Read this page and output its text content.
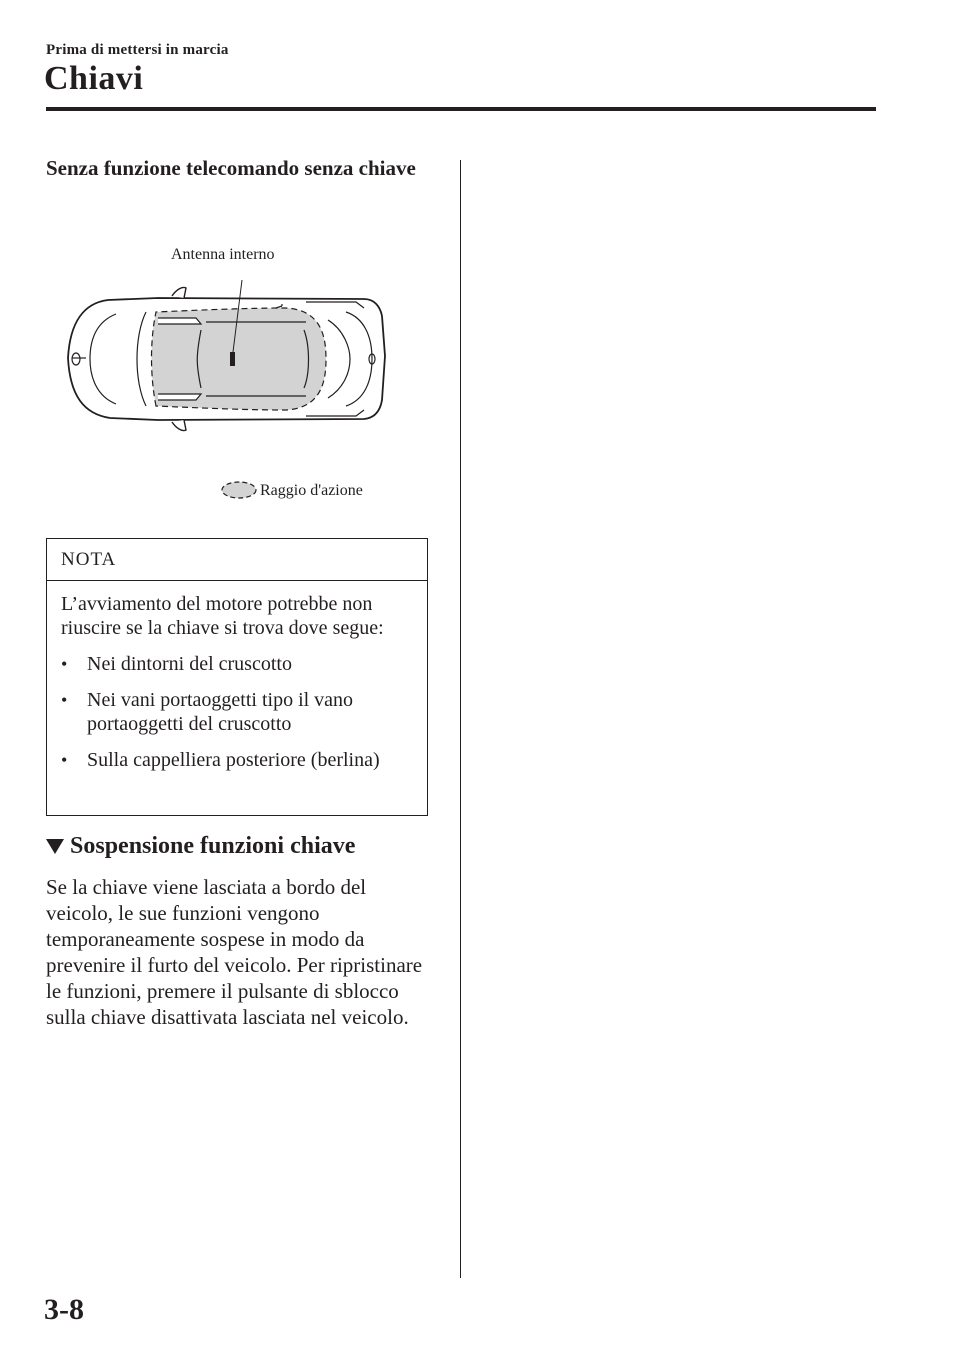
Prima di mettersi in marcia
Chiavi
Senza funzione telecomando senza chiave
Antenna interno
Raggio d'azione
NOTA

L’avviamento del motore potrebbe non riuscire se la chiave si trova dove segue:

• Nei dintorni del cruscotto
• Nei vani portaoggetti tipo il vano portaoggetti del cruscotto
• Sulla cappelliera posteriore (berlina)
Sospensione funzioni chiave
Se la chiave viene lasciata a bordo del veicolo, le sue funzioni vengono temporaneamente sospese in modo da prevenire il furto del veicolo. Per ripristinare le funzioni, premere il pulsante di sblocco sulla chiave disattivata lasciata nel veicolo.
3-8
